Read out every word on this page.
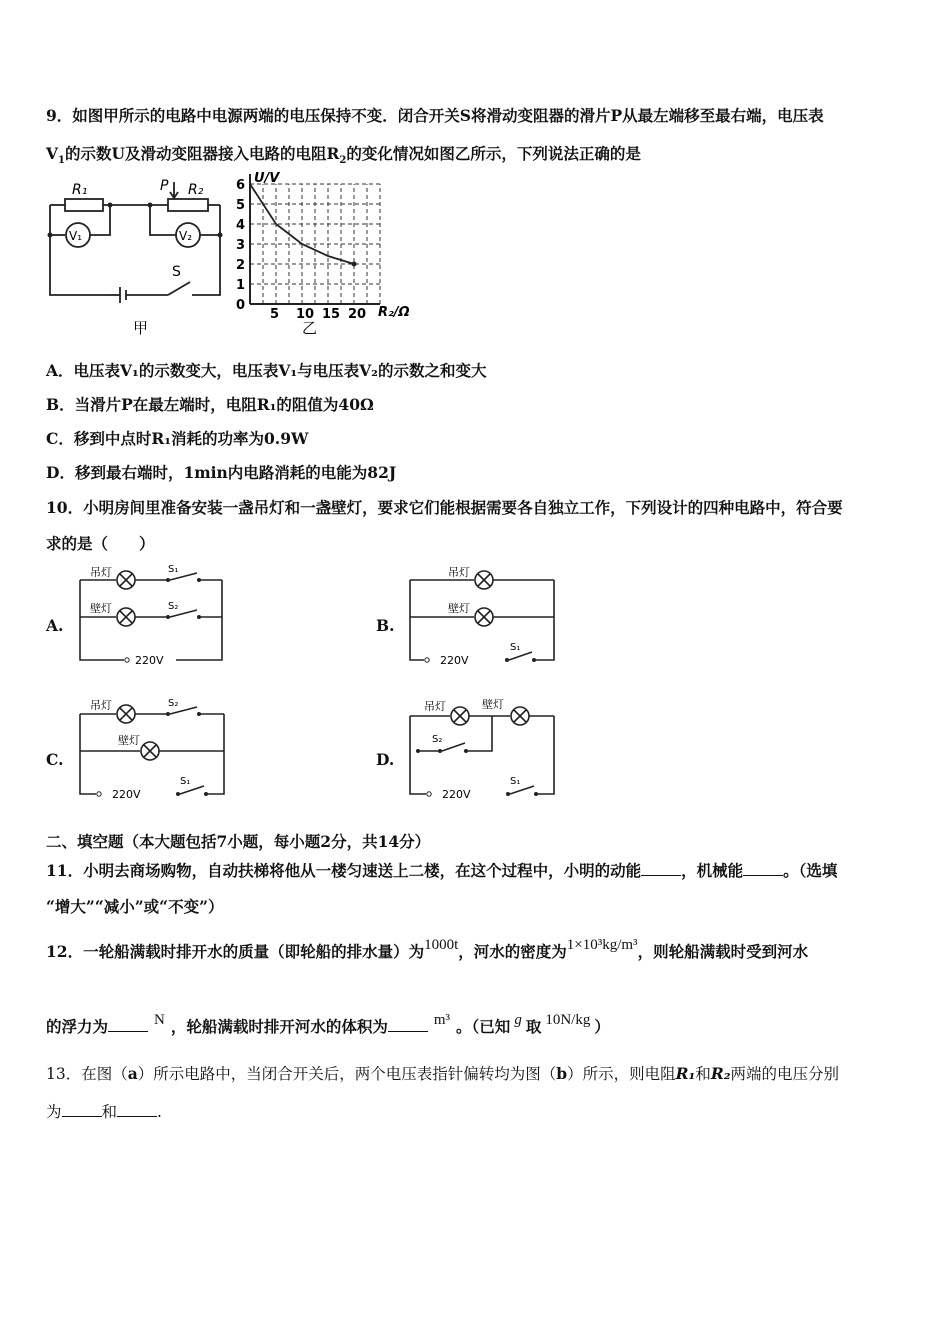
9．如图甲所示的电路中电源两端的电压保持不变．闭合开关S将滑动变阻器的滑片P从最左端移至最右端，电压表
$V_1$的示数U及滑动变阻器接入电路的电阻$R_2$的变化情况如图乙所示，下列说法正确的是
R₁	P R₂
V₁	V₂
S
甲
0
1
2
3
4
5
6
5 10 15 20
U/V
R₂/Ω
乙
A．电压表V₁的示数变大，电压表V₁与电压表V₂的示数之和变大
B．当滑片P在最左端时，电阻R₁的阻值为40Ω
C．移到中点时R₁消耗的功率为0.9W
D．移到最右端时，1min内电路消耗的电能为82J
10．小明房间里准备安装一盏吊灯和一盏壁灯，要求它们能根据需要各自独立工作，下列设计的四种电路中，符合要
求的是（　　）
A.
吊灯	S₁
壁灯	S₂
220V
B.
吊灯
壁灯
S₁
220V
C.
吊灯	S₂
壁灯
S₁
220V
D.
吊灯	壁灯
S₂
S₁
220V
二、填空题（本大题包括7小题，每小题2分，共14分）
11．小明去商场购物，自动扶梯将他从一楼匀速送上二楼，在这个过程中，小明的动能	，机械能	。（选填
“增大”“减小”或“不变”）
12．一轮船满载时排开水的质量（即轮船的排水量）为1000t，河水的密度为1×10³kg/m³，则轮船满载时受到河水
的浮力为	N ，轮船满载时排开河水的体积为	m³ 。（已知 g 取 10N/kg ）
13．在图（a）所示电路中，当闭合开关后，两个电压表指针偏转均为图（b）所示，则电阻R₁和R₂两端的电压分别
为	和	.
